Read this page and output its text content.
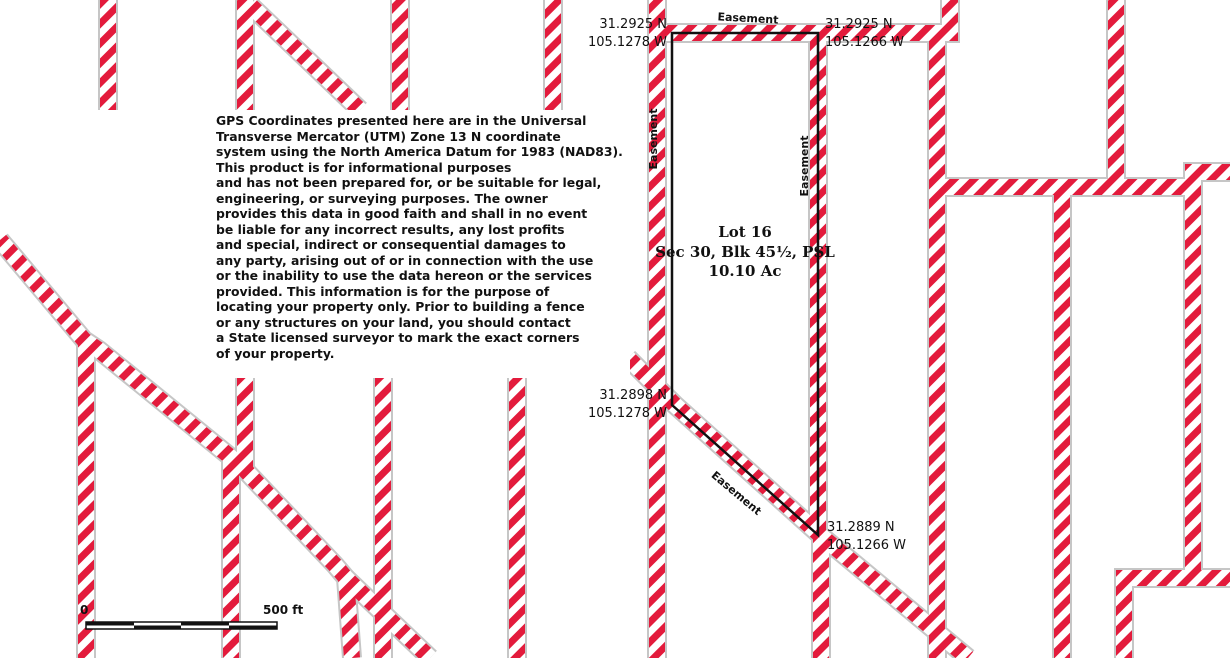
Easement
Easement	Easement
Easement
GPS Coordinates presented here are in the Universal
Transverse Mercator (UTM) Zone 13 N coordinate
system using the North America Datum for 1983 (NAD83).
This product is for informational purposes
and has not been prepared for, or be suitable for legal,
engineering, or surveying purposes. The owner
provides this data in good faith and shall in no event
be liable for any incorrect results, any lost profits
and special, indirect or consequential damages to
any party, arising out of or in connection with the use
or the inability to use the data hereon or the services
provided. This information is for the purpose of
locating your property only. Prior to building a fence
or any structures on your land, you should contact
a State licensed surveyor to mark the exact corners
of your property.
Lot 16
Sec 30, Blk 45½, PSL
10.10 Ac
31.2925 N
105.1278 W
31.2925 N
105.1266 W
31.2898 N
105.1278 W
31.2889 N
105.1266 W
0	500 ft
